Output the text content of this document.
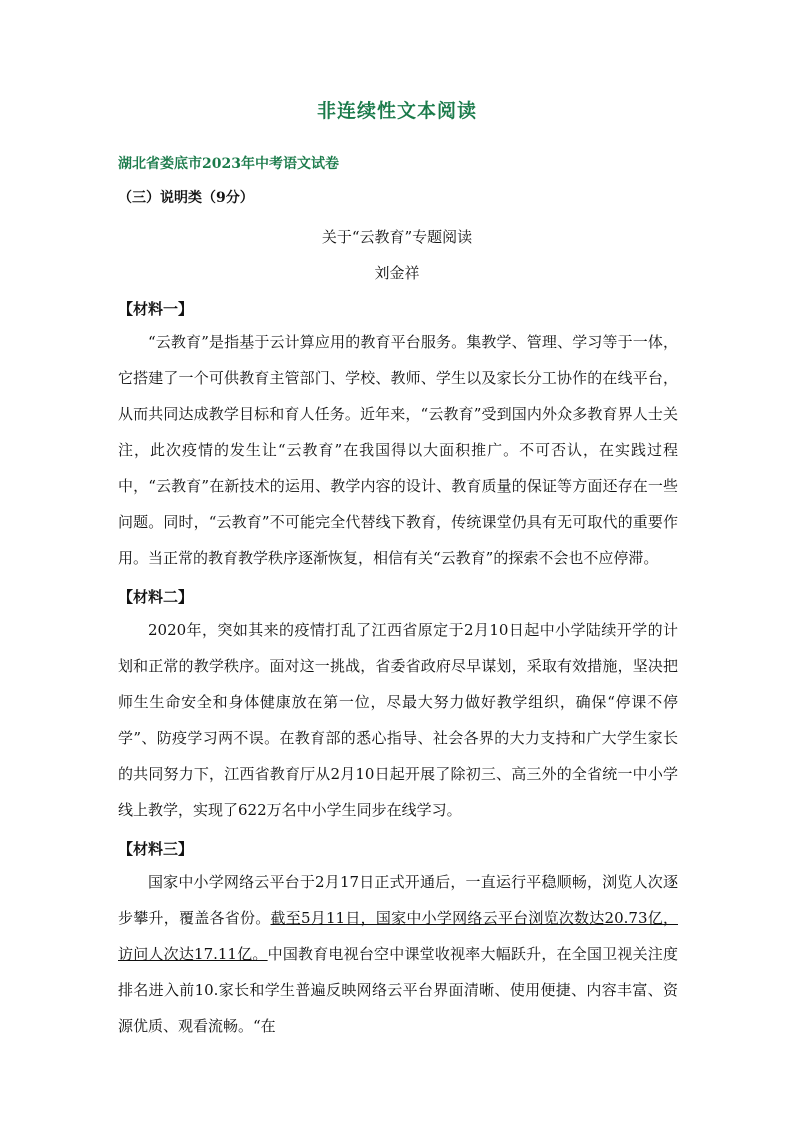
非连续性文本阅读
湖北省娄底市2023年中考语文试卷
（三）说明类（9分）
关于“云教育”专题阅读
刘金祥
【材料一】

“云教育”是指基于云计算应用的教育平台服务。集教学、管理、学习等于一体，它搭建了一个可供教育主管部门、学校、教师、学生以及家长分工协作的在线平台，从而共同达成教学目标和育人任务。近年来，“云教育”受到国内外众多教育界人士关注，此次疫情的发生让“云教育”在我国得以大面积推广。不可否认，在实践过程中，“云教育”在新技术的运用、教学内容的设计、教育质量的保证等方面还存在一些问题。同时，“云教育”不可能完全代替线下教育，传统课堂仍具有无可取代的重要作用。当正常的教育教学秩序逐渐恢复，相信有关“云教育”的探索不会也不应停滞。

【材料二】

2020年，突如其来的疫情打乱了江西省原定于2月10日起中小学陆续开学的计划和正常的教学秩序。面对这一挑战，省委省政府尽早谋划，采取有效措施，坚决把师生生命安全和身体健康放在第一位，尽最大努力做好教学组织，确保“停课不停学”、防疫学习两不误。在教育部的悉心指导、社会各界的大力支持和广大学生家长的共同努力下，江西省教育厅从2月10日起开展了除初三、高三外的全省统一中小学线上教学，实现了622万名中小学生同步在线学习。

【材料三】

国家中小学网络云平台于2月17日正式开通后，一直运行平稳顺畅，浏览人次逐步攀升，覆盖各省份。截至5月11日，国家中小学网络云平台浏览次数达20.73亿，访问人次达17.11亿。中国教育电视台空中课堂收视率大幅跃升，在全国卫视关注度排名进入前10.家长和学生普遍反映网络云平台界面清晰、使用便捷、内容丰富、资源优质、观看流畅。“在
